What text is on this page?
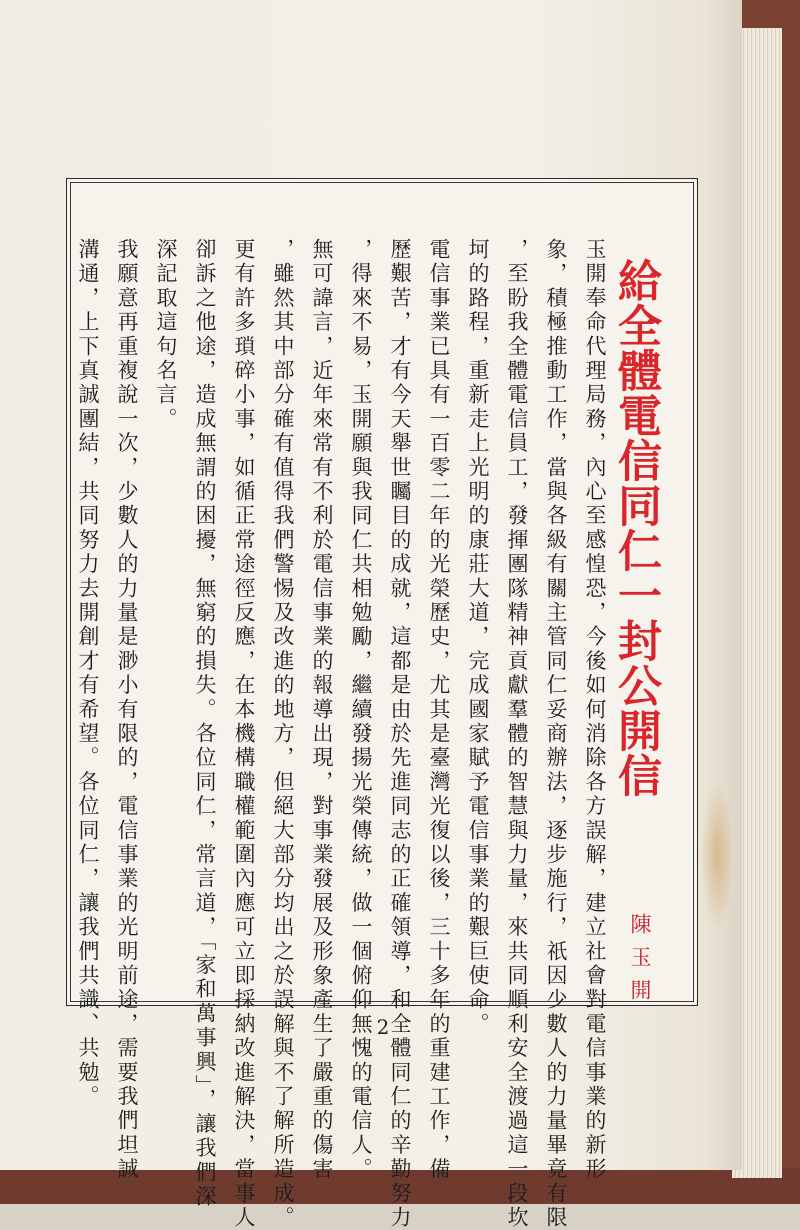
給全體電信同仁一封公開信
玉開奉命代理局務，內心至感惶恐，今後如何消除各方誤解，建立社會對電信事業的新形
象，積極推動工作，當與各級有關主管同仁妥商辦法，逐步施行，祇因少數人的力量畢竟有限
，至盼我全體電信員工，發揮團隊精神貢獻羣體的智慧與力量，來共同順利安全渡過這一段坎
坷的路程，重新走上光明的康莊大道，完成國家賦予電信事業的艱巨使命。
電信事業已具有一百零二年的光榮歷史，尤其是臺灣光復以後，三十多年的重建工作，備
歷艱苦，才有今天舉世矚目的成就，這都是由於先進同志的正確領導，和全體同仁的辛勤努力
，得來不易，玉開願與我同仁共相勉勵，繼續發揚光榮傳統，做一個俯仰無愧的電信人。
無可諱言，近年來常有不利於電信事業的報導出現，對事業發展及形象產生了嚴重的傷害
，雖然其中部分確有值得我們警惕及改進的地方，但絕大部分均出之於誤解與不了解所造成。
更有許多瑣碎小事，如循正常途徑反應，在本機構職權範圍內應可立即採納改進解決，當事人
卻訴之他途，造成無謂的困擾，無窮的損失。各位同仁，常言道，「家和萬事興」，讓我們深
深記取這句名言。
我願意再重複說一次，少數人的力量是渺小有限的，電信事業的光明前途，需要我們坦誠
溝通，上下真誠團結，共同努力去開創才有希望。各位同仁，讓我們共識、共勉。	陳玉開
2
